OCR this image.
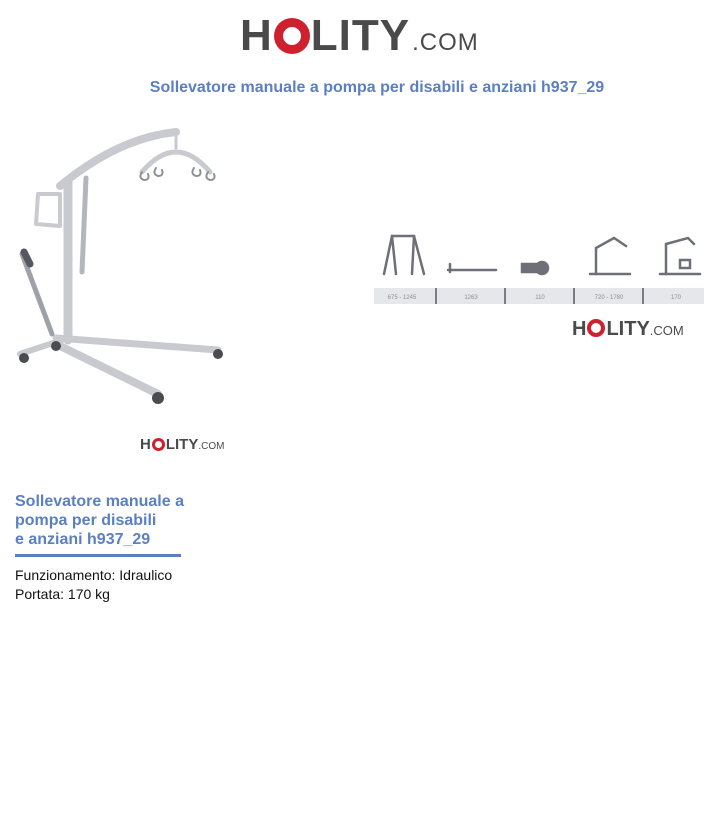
H LITY .COM
Sollevatore manuale a pompa per disabili e anziani h937_29
H LITY .COM
675 - 1245	1263	110	720 - 1780	170
H LITY .COM
Sollevatore manuale a
pompa per disabili
e anziani h937_29
Funzionamento: Idraulico
Portata: 170 kg
